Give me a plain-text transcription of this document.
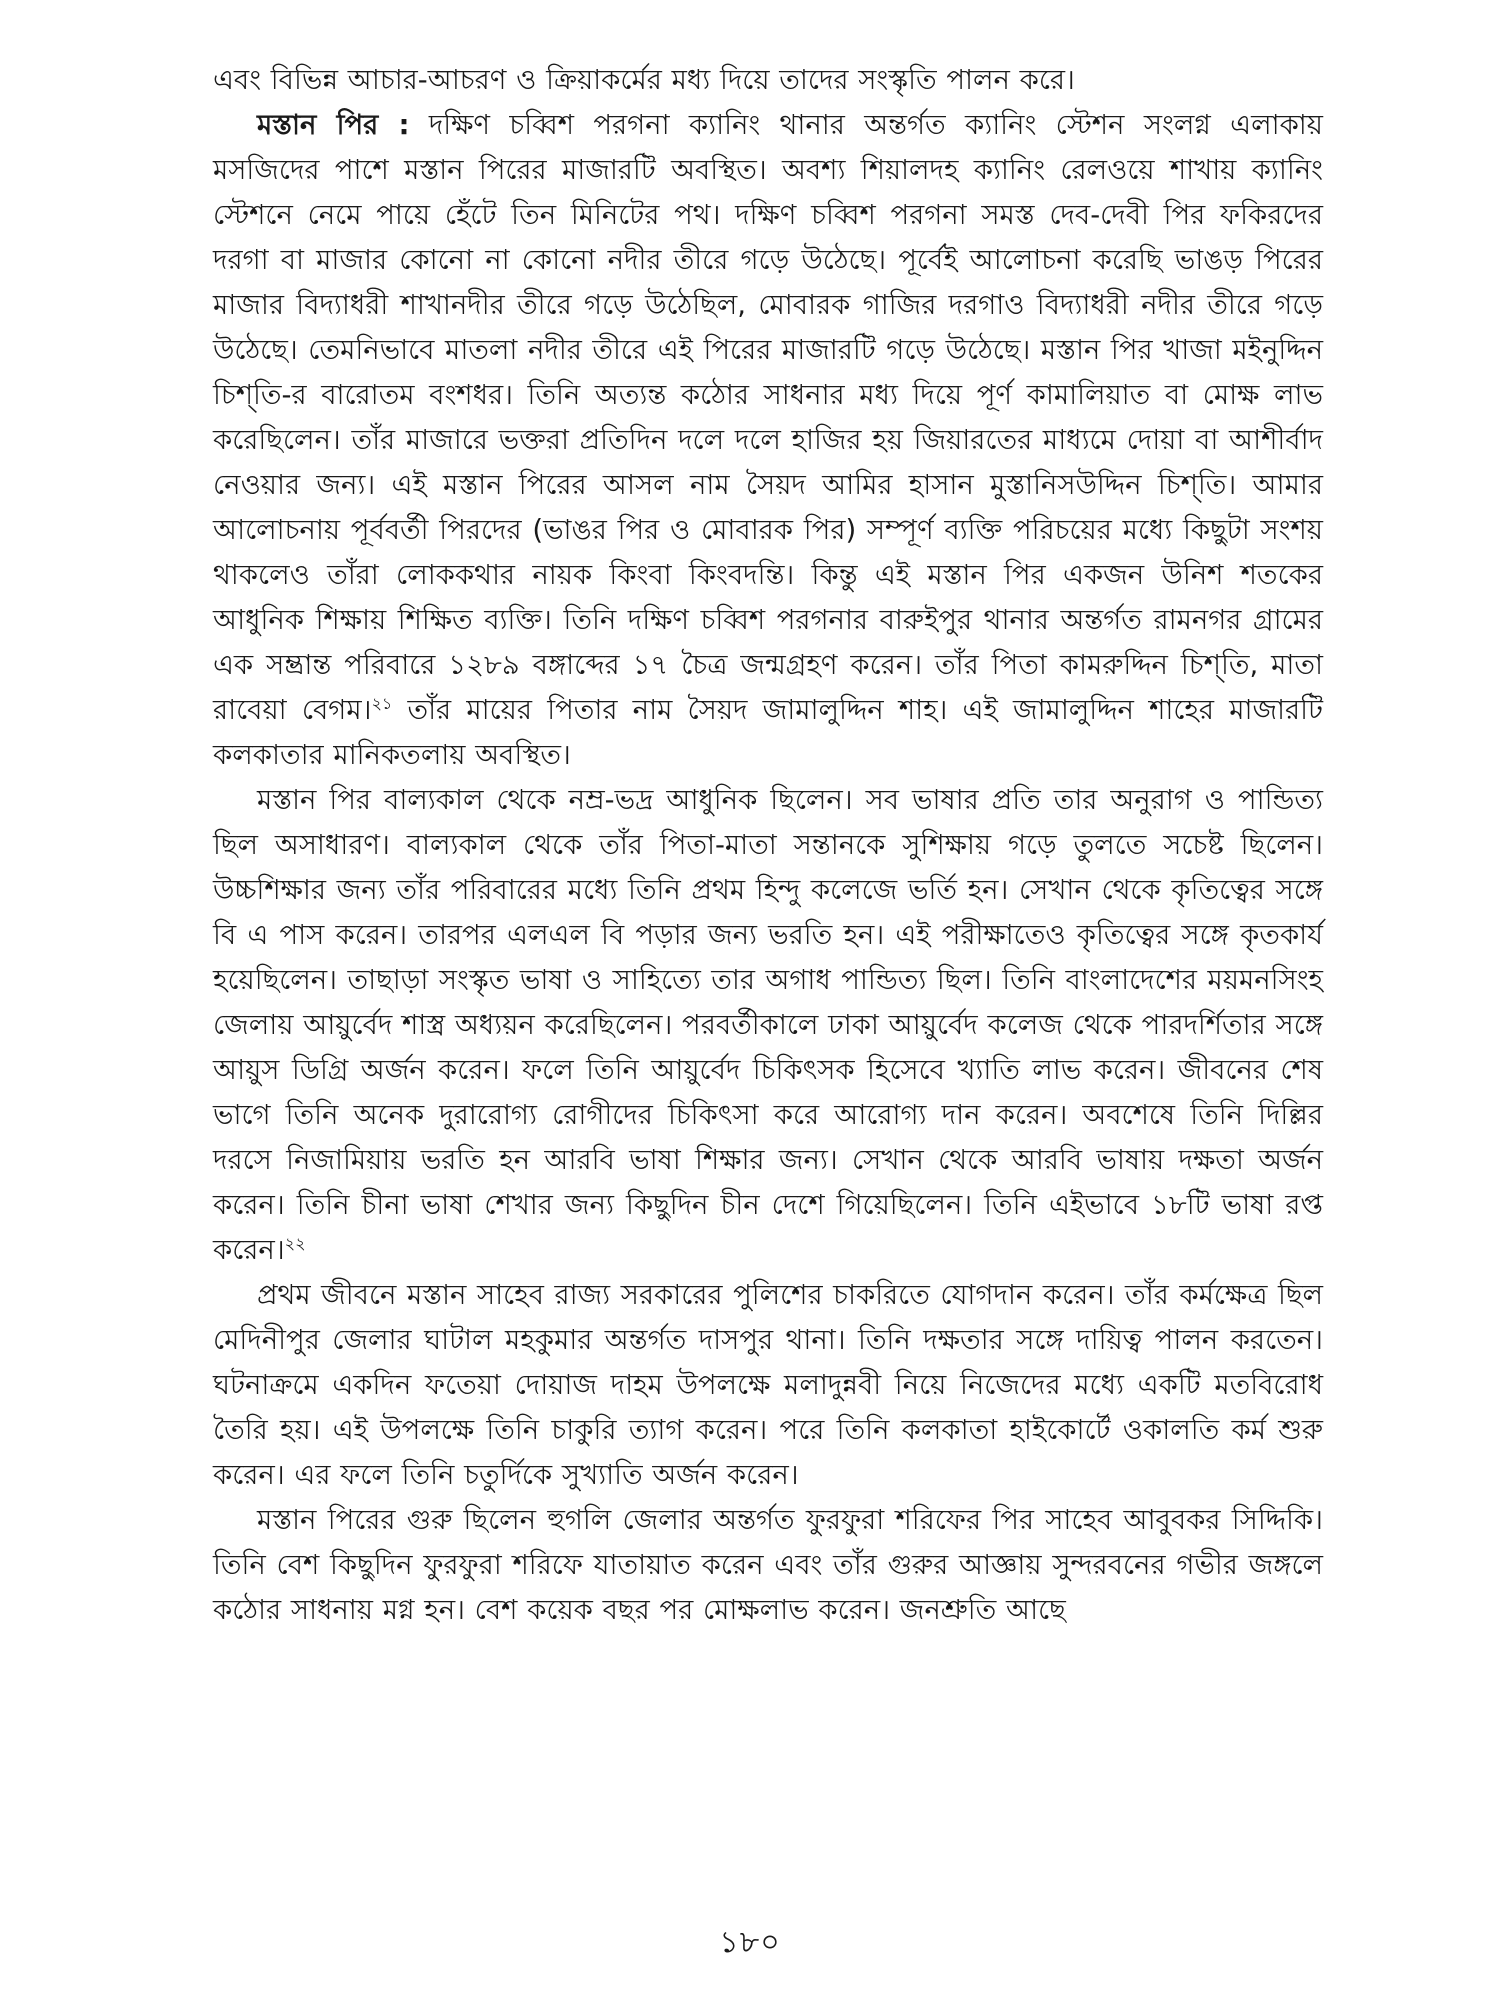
এবং বিভিন্ন আচার-আচরণ ও ক্রিয়াকর্মের মধ্য দিয়ে তাদের সংস্কৃতি পালন করে।

মস্তান পির : দক্ষিণ চব্বিশ পরগনা ক্যানিং থানার অন্তর্গত ক্যানিং স্টেশন সংলগ্ন এলাকায় মসজিদের পাশে মস্তান পিরের মাজারটি অবস্থিত। অবশ্য শিয়ালদহ ক্যানিং রেলওয়ে শাখায় ক্যানিং স্টেশনে নেমে পায়ে হেঁটে তিন মিনিটের পথ। দক্ষিণ চব্বিশ পরগনা সমস্ত দেব-দেবী পির ফকিরদের দরগা বা মাজার কোনো না কোনো নদীর তীরে গড়ে উঠেছে। পূর্বেই আলোচনা করেছি ভাঙড় পিরের মাজার বিদ্যাধরী শাখানদীর তীরে গড়ে উঠেছিল, মোবারক গাজির দরগাও বিদ্যাধরী নদীর তীরে গড়ে উঠেছে। তেমনিভাবে মাতলা নদীর তীরে এই পিরের মাজারটি গড়ে উঠেছে। মস্তান পির খাজা মইনুদ্দিন চিশ্‌তি-র বারোতম বংশধর। তিনি অত্যন্ত কঠোর সাধনার মধ্য দিয়ে পূর্ণ কামালিয়াত বা মোক্ষ লাভ করেছিলেন। তাঁর মাজারে ভক্তরা প্রতিদিন দলে দলে হাজির হয় জিয়ারতের মাধ্যমে দোয়া বা আশীর্বাদ নেওয়ার জন্য। এই মস্তান পিরের আসল নাম সৈয়দ আমির হাসান মুস্তানিসউদ্দিন চিশ্‌তি। আমার আলোচনায় পূর্ববর্তী পিরদের (ভাঙর পির ও মোবারক পির) সম্পূর্ণ ব্যক্তি পরিচয়ের মধ্যে কিছুটা সংশয় থাকলেও তাঁরা লোককথার নায়ক কিংবা কিংবদন্তি। কিন্তু এই মস্তান পির একজন উনিশ শতকের আধুনিক শিক্ষায় শিক্ষিত ব্যক্তি। তিনি দক্ষিণ চব্বিশ পরগনার বারুইপুর থানার অন্তর্গত রামনগর গ্রামের এক সম্ভ্রান্ত পরিবারে ১২৮৯ বঙ্গাব্দের ১৭ চৈত্র জন্মগ্রহণ করেন। তাঁর পিতা কামরুদ্দিন চিশ্‌তি, মাতা রাবেয়া বেগম।$^{২১}$ তাঁর মায়ের পিতার নাম সৈয়দ জামালুদ্দিন শাহ। এই জামালুদ্দিন শাহের মাজারটি কলকাতার মানিকতলায় অবস্থিত।

মস্তান পির বাল্যকাল থেকে নম্র-ভদ্র আধুনিক ছিলেন। সব ভাষার প্রতি তার অনুরাগ ও পান্ডিত্য ছিল অসাধারণ। বাল্যকাল থেকে তাঁর পিতা-মাতা সন্তানকে সুশিক্ষায় গড়ে তুলতে সচেষ্ট ছিলেন। উচ্চশিক্ষার জন্য তাঁর পরিবারের মধ্যে তিনি প্রথম হিন্দু কলেজে ভর্তি হন। সেখান থেকে কৃতিত্বের সঙ্গে বি এ পাস করেন। তারপর এলএল বি পড়ার জন্য ভরতি হন। এই পরীক্ষাতেও কৃতিত্বের সঙ্গে কৃতকার্য হয়েছিলেন। তাছাড়া সংস্কৃত ভাষা ও সাহিত্যে তার অগাধ পান্ডিত্য ছিল। তিনি বাংলাদেশের ময়মনসিংহ জেলায় আয়ুর্বেদ শাস্ত্র অধ্যয়ন করেছিলেন। পরবর্তীকালে ঢাকা আয়ুর্বেদ কলেজ থেকে পারদর্শিতার সঙ্গে আয়ুস ডিগ্রি অর্জন করেন। ফলে তিনি আয়ুর্বেদ চিকিৎসক হিসেবে খ্যাতি লাভ করেন। জীবনের শেষ ভাগে তিনি অনেক দুরারোগ্য রোগীদের চিকিৎসা করে আরোগ্য দান করেন। অবশেষে তিনি দিল্লির দরসে নিজামিয়ায় ভরতি হন আরবি ভাষা শিক্ষার জন্য। সেখান থেকে আরবি ভাষায় দক্ষতা অর্জন করেন। তিনি চীনা ভাষা শেখার জন্য কিছুদিন চীন দেশে গিয়েছিলেন। তিনি এইভাবে ১৮টি ভাষা রপ্ত করেন।$^{২২}$

প্রথম জীবনে মস্তান সাহেব রাজ্য সরকারের পুলিশের চাকরিতে যোগদান করেন। তাঁর কর্মক্ষেত্র ছিল মেদিনীপুর জেলার ঘাটাল মহকুমার অন্তর্গত দাসপুর থানা। তিনি দক্ষতার সঙ্গে দায়িত্ব পালন করতেন। ঘটনাক্রমে একদিন ফতেয়া দোয়াজ দাহম উপলক্ষে মলাদুন্নবী নিয়ে নিজেদের মধ্যে একটি মতবিরোধ তৈরি হয়। এই উপলক্ষে তিনি চাকুরি ত্যাগ করেন। পরে তিনি কলকাতা হাইকোর্টে ওকালতি কর্ম শুরু করেন। এর ফলে তিনি চতুর্দিকে সুখ্যাতি অর্জন করেন।

মস্তান পিরের গুরু ছিলেন হুগলি জেলার অন্তর্গত ফুরফুরা শরিফের পির সাহেব আবুবকর সিদ্দিকি। তিনি বেশ কিছুদিন ফুরফুরা শরিফে যাতায়াত করেন এবং তাঁর গুরুর আজ্ঞায় সুন্দরবনের গভীর জঙ্গলে কঠোর সাধনায় মগ্ন হন। বেশ কয়েক বছর পর মোক্ষলাভ করেন। জনশ্রুতি আছে

১৮০
